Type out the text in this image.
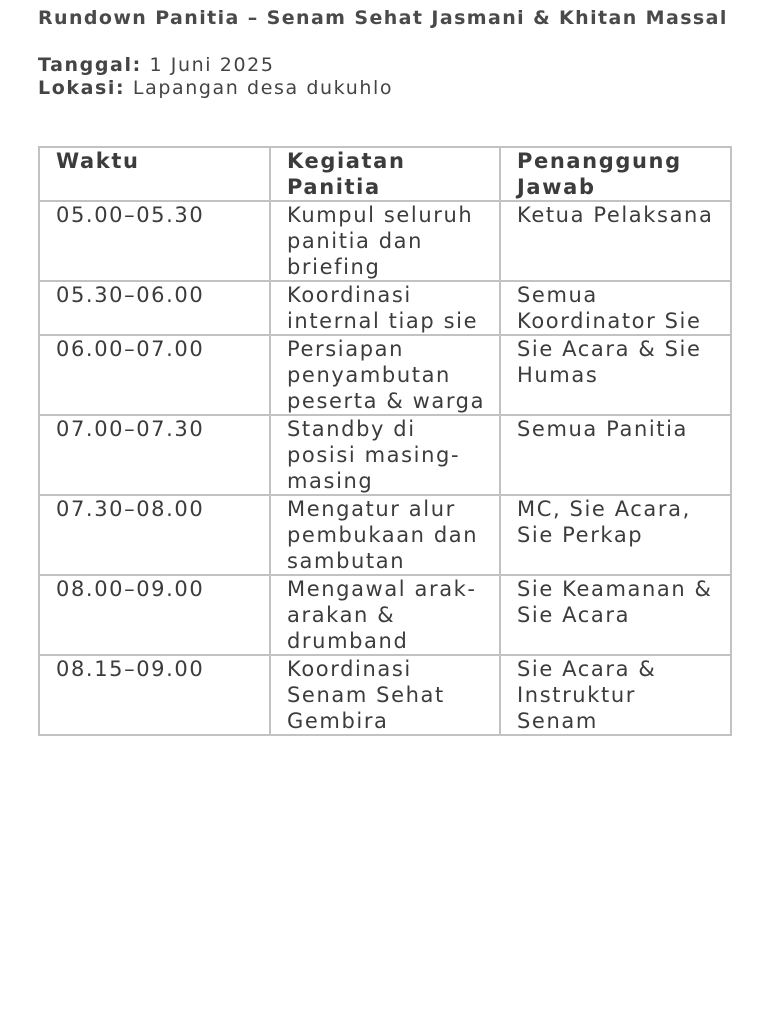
Rundown Panitia – Senam Sehat Jasmani & Khitan Massal
Tanggal: 1 Juni 2025
Lokasi: Lapangan desa dukuhlo
Waktu	Kegiatan Panitia	Penanggung Jawab
05.00–05.30	Kumpul seluruh panitia dan briefing	Ketua Pelaksana
05.30–06.00	Koordinasi internal tiap sie	Semua Koordinator Sie
06.00–07.00	Persiapan penyambutan peserta & warga	Sie Acara & Sie Humas
07.00–07.30	Standby di posisi masing-masing	Semua Panitia
07.30–08.00	Mengatur alur pembukaan dan sambutan	MC, Sie Acara, Sie Perkap
08.00–09.00	Mengawal arak-arakan & drumband	Sie Keamanan & Sie Acara
08.15–09.00	Koordinasi Senam Sehat Gembira	Sie Acara & Instruktur Senam
